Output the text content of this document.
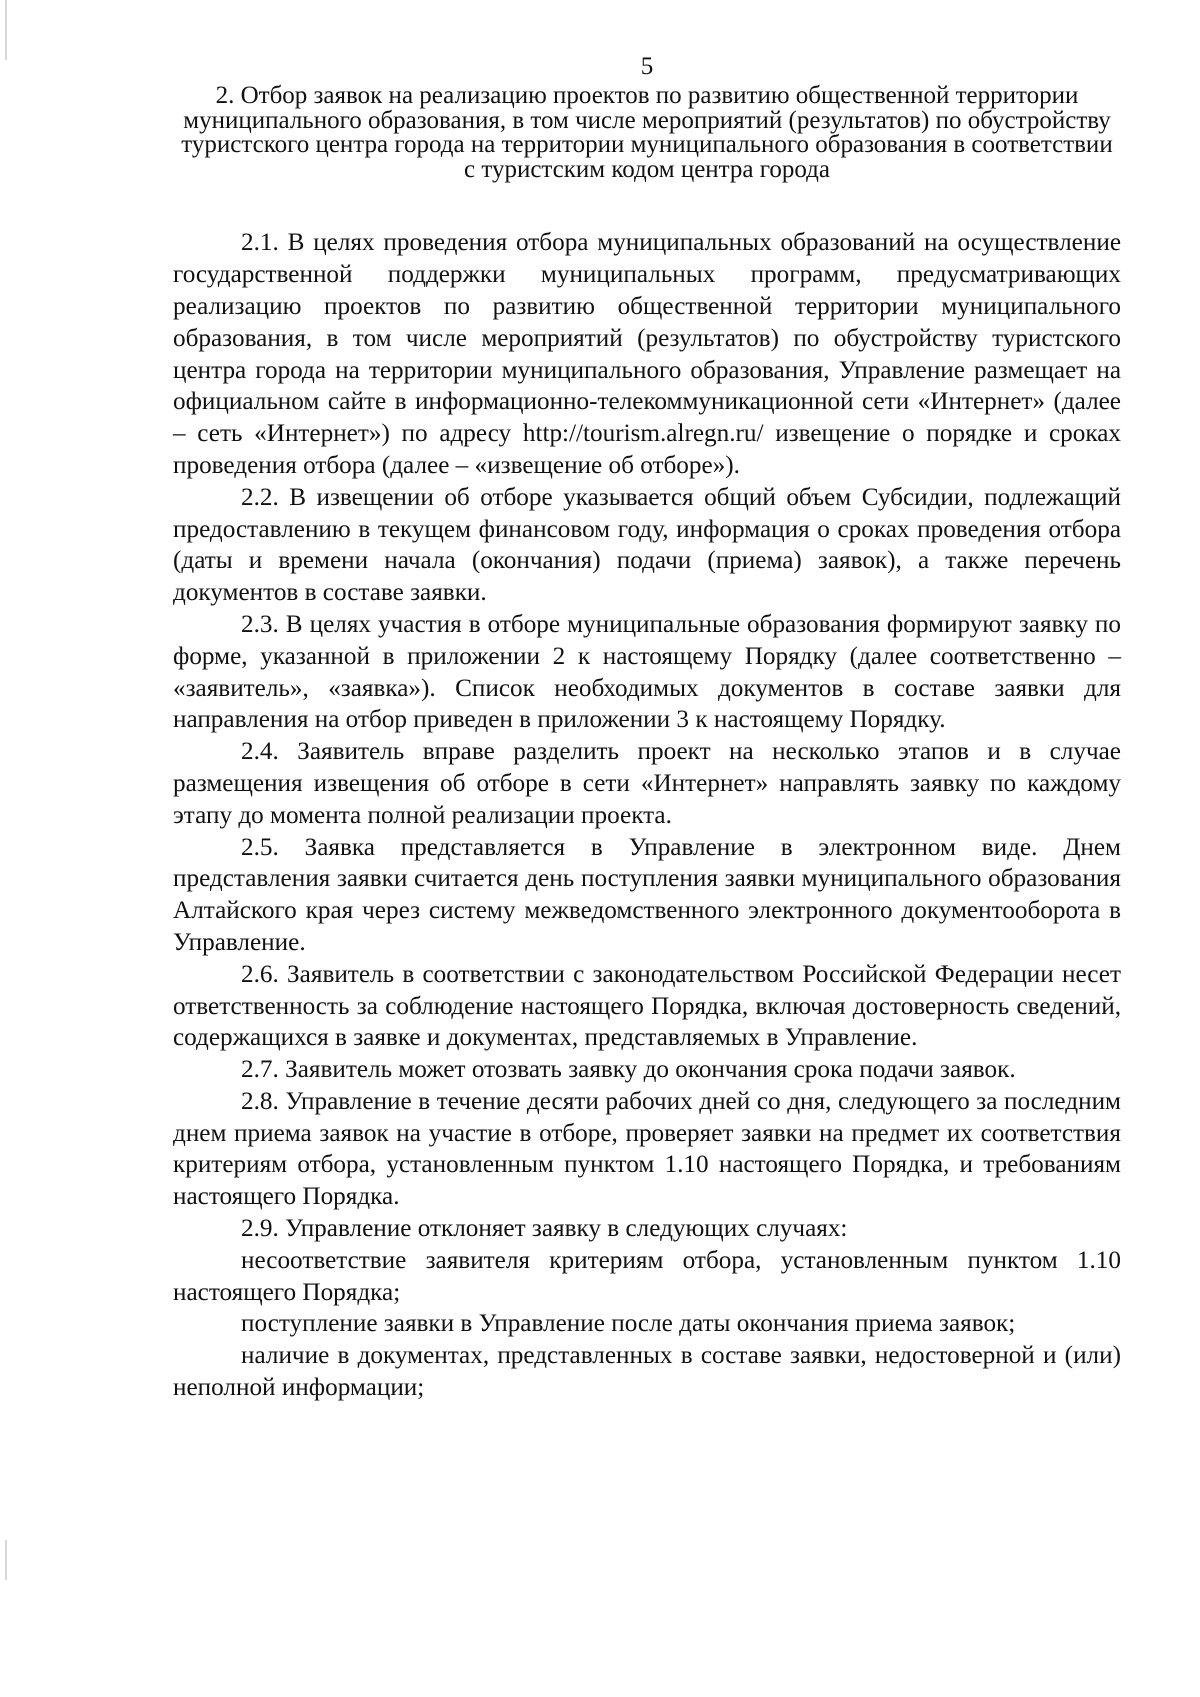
5
2. Отбор заявок на реализацию проектов по развитию общественной территории муниципального образования, в том числе мероприятий (результатов) по обустройству туристского центра города на территории муниципального образования в соответствии с туристским кодом центра города

2.1. В целях проведения отбора муниципальных образований на осуществление государственной поддержки муниципальных программ, предусматривающих реализацию проектов по развитию общественной территории муниципального образования, в том числе мероприятий (результатов) по обустройству туристского центра города на территории муниципального образования, Управление размещает на официальном сайте в информационно-телекоммуникационной сети «Интернет» (далее – сеть «Интернет») по адресу http://tourism.alregn.ru/ извещение о порядке и сроках проведения отбора (далее – «извещение об отборе»).

2.2. В извещении об отборе указывается общий объем Субсидии, подлежащий предоставлению в текущем финансовом году, информация о сроках проведения отбора (даты и времени начала (окончания) подачи (приема) заявок), а также перечень документов в составе заявки.

2.3. В целях участия в отборе муниципальные образования формируют заявку по форме, указанной в приложении 2 к настоящему Порядку (далее соответственно – «заявитель», «заявка»). Список необходимых документов в составе заявки для направления на отбор приведен в приложении 3 к настоящему Порядку.

2.4. Заявитель вправе разделить проект на несколько этапов и в случае размещения извещения об отборе в сети «Интернет» направлять заявку по каждому этапу до момента полной реализации проекта.

2.5. Заявка представляется в Управление в электронном виде. Днем представления заявки считается день поступления заявки муниципального образования Алтайского края через систему межведомственного электронного документооборота в Управление.

2.6. Заявитель в соответствии с законодательством Российской Федерации несет ответственность за соблюдение настоящего Порядка, включая достоверность сведений, содержащихся в заявке и документах, представляемых в Управление.

2.7. Заявитель может отозвать заявку до окончания срока подачи заявок.

2.8. Управление в течение десяти рабочих дней со дня, следующего за последним днем приема заявок на участие в отборе, проверяет заявки на предмет их соответствия критериям отбора, установленным пунктом 1.10 настоящего Порядка, и требованиям настоящего Порядка.

2.9. Управление отклоняет заявку в следующих случаях:

несоответствие заявителя критериям отбора, установленным пунктом 1.10 настоящего Порядка;

поступление заявки в Управление после даты окончания приема заявок;

наличие в документах, представленных в составе заявки, недостоверной и (или) неполной информации;
